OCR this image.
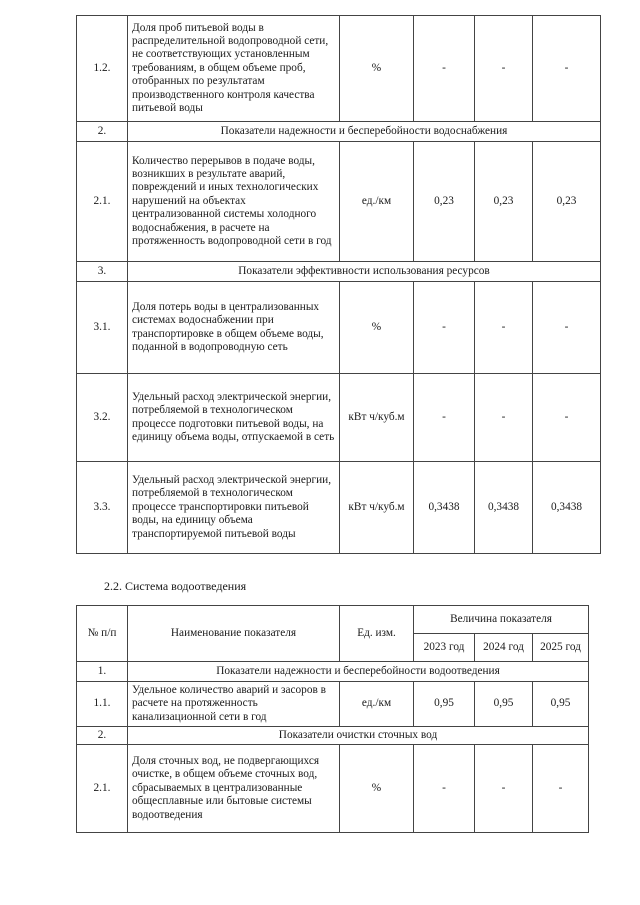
1.2.	Доля проб питьевой воды в распределительной водопроводной сети, не соответствующих установленным требованиям, в общем объеме проб, отобранных по результатам производственного контроля качества питьевой воды	%	-	-	-
2.	Показатели надежности и бесперебойности водоснабжения				
2.1.	Количество перерывов в подаче воды, возникших в результате аварий, повреждений и иных технологических нарушений на объектах централизованной системы холодного водоснабжения, в расчете на протяженность водопроводной сети в год	ед./км	0,23	0,23	0,23
3.	Показатели эффективности использования ресурсов				
3.1.	Доля потерь воды в централизованных системах водоснабжении при транспортировке в общем объеме воды, поданной в водопроводную сеть	%	-	-	-
3.2.	Удельный расход электрической энергии, потребляемой в технологическом процессе подготовки питьевой воды, на единицу объема воды, отпускаемой в сеть	кВт ч/куб.м	-	-	-
3.3.	Удельный расход электрической энергии, потребляемой в технологическом процессе транспортировки питьевой воды, на единицу объема транспортируемой питьевой воды	кВт ч/куб.м	0,3438	0,3438	0,3438
2.2. Система водоотведения
№ п/п	Наименование показателя	Ед. изм.	Величина показателя		
			2023 год	2024 год	2025 год
1.	Показатели надежности и бесперебойности водоотведения				
1.1.	Удельное количество аварий и засоров в расчете на протяженность канализационной сети в год	ед./км	0,95	0,95	0,95
2.	Показатели очистки сточных вод				
2.1.	Доля сточных вод, не подвергающихся очистке, в общем объеме сточных вод, сбрасываемых в централизованные общесплавные или бытовые системы водоотведения	%	-	-	-
